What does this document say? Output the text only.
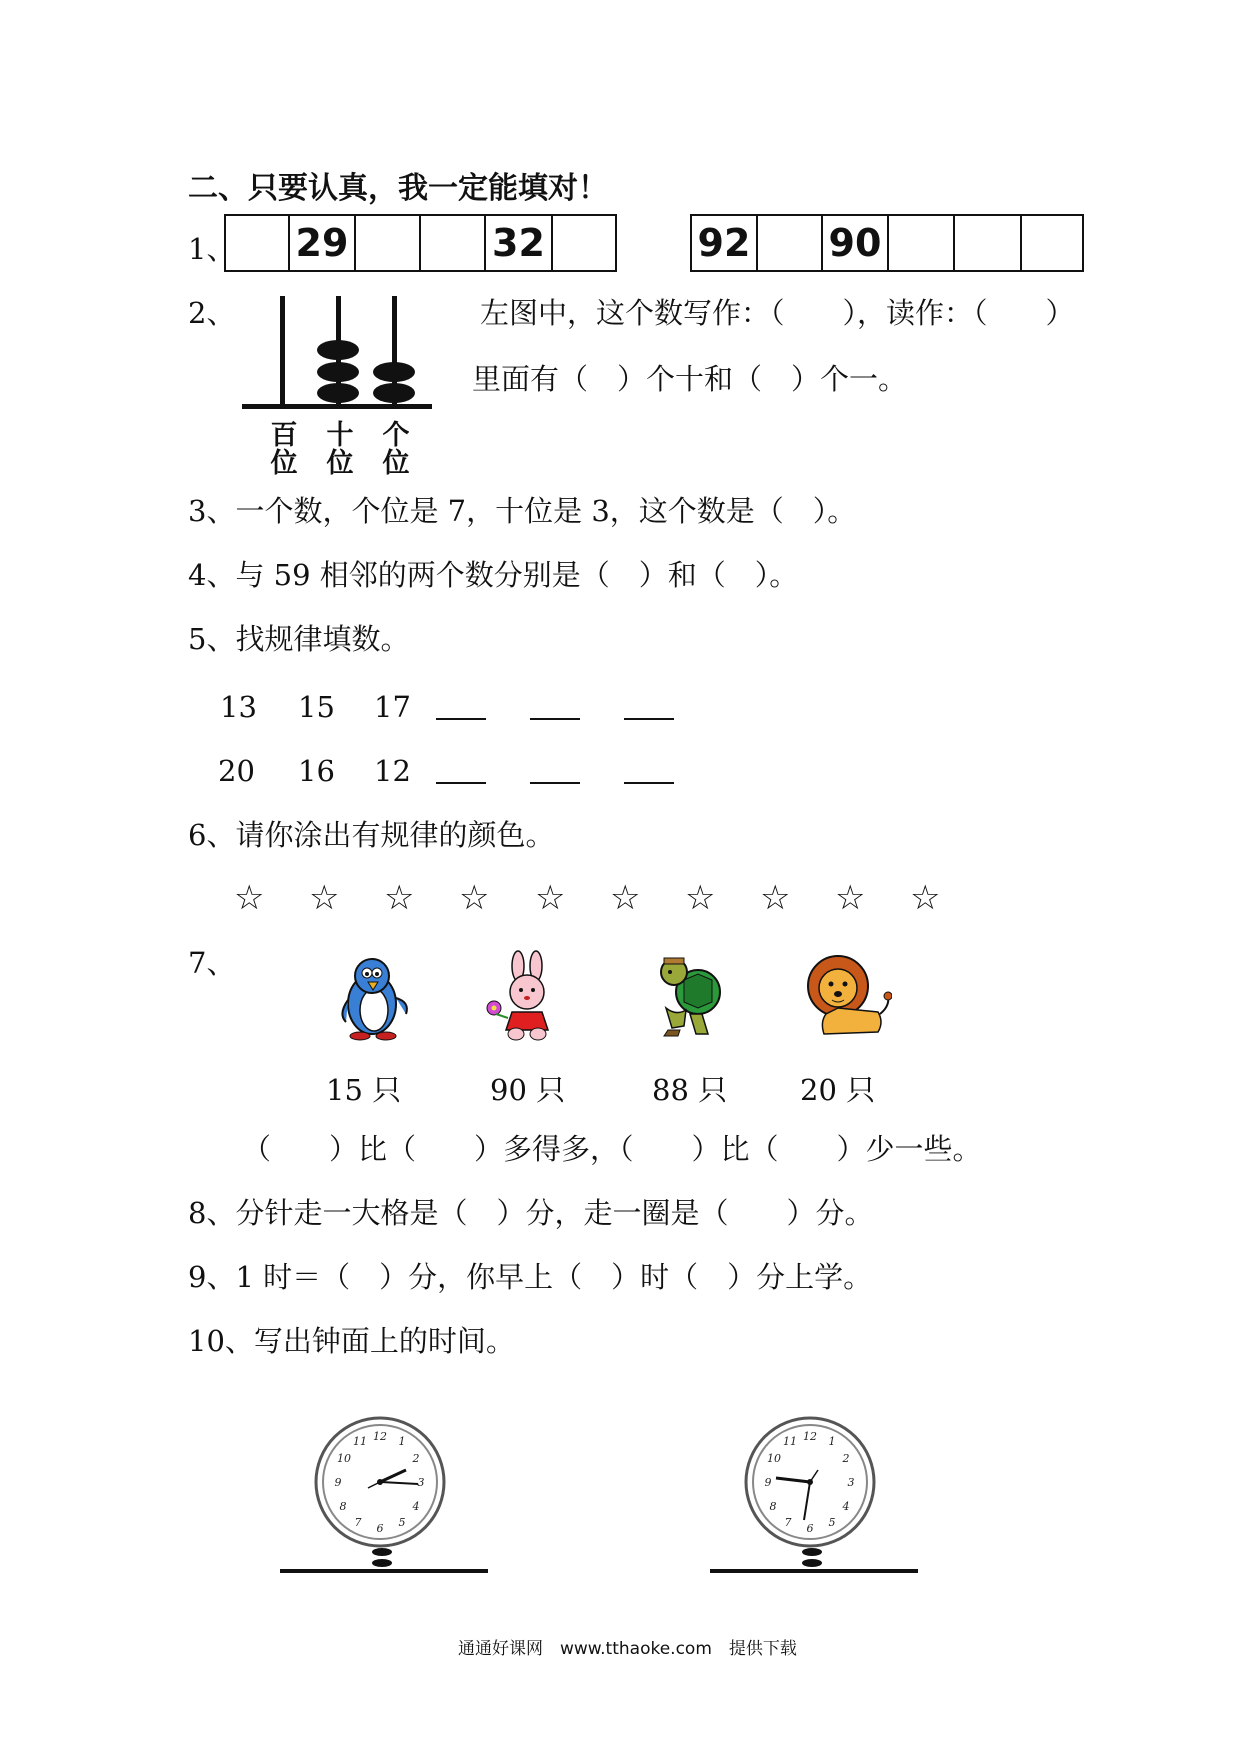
二、只要认真，我一定能填对！
1、 29	32	92 90
2、
百位
十位
个位
左图中，这个数写作：（　　），读作：（　　）
里面有（　）个十和（　）个一。
3、一个数，个位是 7，十位是 3，这个数是（　）。
4、与 59 相邻的两个数分别是（　）和（　）。
5、找规律填数。
13 15 17
20 16 12
6、请你涂出有规律的颜色。
☆ ☆ ☆ ☆ ☆ ☆ ☆ ☆ ☆ ☆
7、
15 只	90 只	88 只	20 只
（　　）比（　　）多得多，（　　）比（　　）少一些。
8、分针走一大格是（　）分，走一圈是（　　）分。
9、1 时＝（　）分，你早上（　）时（　）分上学。
10、写出钟面上的时间。
12 1
2
3
4
5
6
7
8
9
10
11	12 1
2
3
4
5
6
7
8
9
10
11
通通好课网　www.tthaoke.com　提供下载
